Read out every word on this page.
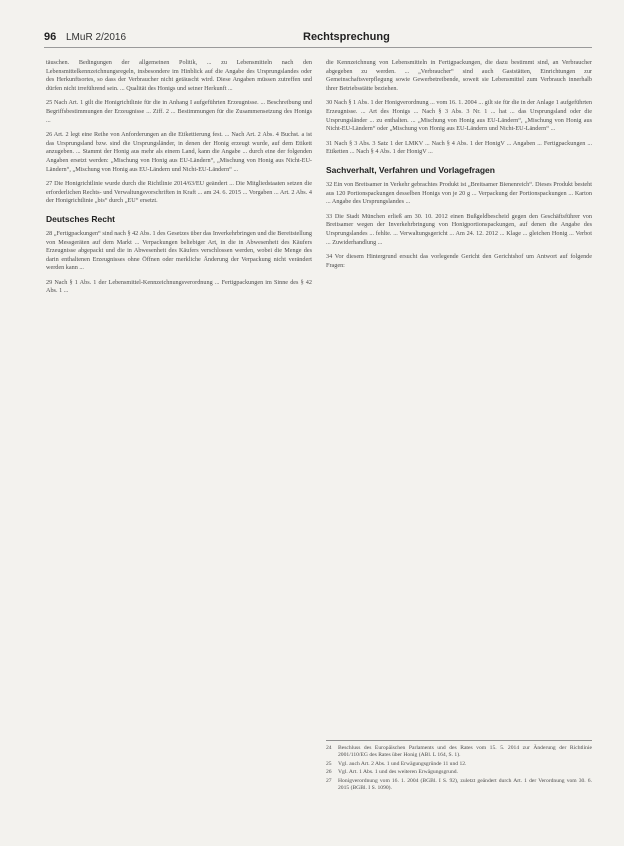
96 LMuR 2/2016	Rechtsprechung

täuschen. Bedingungen der allgemeinen Politik, ... zu Lebensmitteln nach den Lebensmittelkennzeichnungsregeln, insbesondere im Hinblick auf die Angabe des Ursprungslandes oder des Herkunftsortes, so dass der Verbraucher nicht getäuscht wird. Diese Angaben müssen zutreffen und dürfen nicht irreführend sein. ... Qualität des Honigs und seiner Herkunft ...

25 Nach Art. 1 gilt die Honigrichtlinie für die in Anhang I aufgeführten Erzeugnisse. ... Beschreibung und Begriffsbestimmungen der Erzeugnisse ... Ziff. 2 ... Bestimmungen für die Zusammensetzung des Honigs ...

26 Art. 2 legt eine Reihe von Anforderungen an die Etikettierung fest. ... Nach Art. 2 Abs. 4 Buchst. a ist das Ursprungsland bzw. sind die Ursprungsländer, in denen der Honig erzeugt wurde, auf dem Etikett anzugeben. ... Stammt der Honig aus mehr als einem Land, kann die Angabe ... durch eine der folgenden Angaben ersetzt werden: „Mischung von Honig aus EU-Ländern“, „Mischung von Honig aus Nicht-EU-Ländern“, „Mischung von Honig aus EU-Ländern und Nicht-EU-Ländern“ ...

27 Die Honigrichtlinie wurde durch die Richtlinie 2014/63/EU geändert ... Die Mitgliedstaaten setzen die erforderlichen Rechts- und Verwaltungsvorschriften in Kraft ... am 24. 6. 2015 ... Vorgaben ... Art. 2 Abs. 4 der Honigrichtlinie „bis“ durch „EU“ ersetzt.

Deutsches Recht

28 „Fertigpackungen“ sind nach § 42 Abs. 1 des Gesetzes über das Inverkehrbringen und die Bereitstellung von Messgeräten auf dem Markt ... Verpackungen beliebiger Art, in die in Abwesenheit des Käufers Erzeugnisse abgepackt und die in Abwesenheit des Käufers verschlossen werden, wobei die Menge des darin enthaltenen Erzeugnisses ohne Öffnen oder merkliche Änderung der Verpackung nicht verändert werden kann ...

29 Nach § 1 Abs. 1 der Lebensmittel-Kennzeichnungsverordnung ... Fertigpackungen im Sinne des § 42 Abs. 1 ...

die Kennzeichnung von Lebensmitteln in Fertigpackungen, die dazu bestimmt sind, an Verbraucher abgegeben zu werden. ... „Verbraucher“ sind auch Gaststätten, Einrichtungen zur Gemeinschaftsverpflegung sowie Gewerbetreibende, soweit sie Lebensmittel zum Verbrauch innerhalb ihrer Betriebsstätte beziehen.

30 Nach § 1 Abs. 1 der Honigverordnung ... vom 16. 1. 2004 ... gilt sie für die in der Anlage 1 aufgeführten Erzeugnisse. ... Art des Honigs ... Nach § 3 Abs. 3 Nr. 1 ... hat ... das Ursprungsland oder die Ursprungsländer ... zu enthalten. ... „Mischung von Honig aus EU-Ländern“, „Mischung von Honig aus Nicht-EU-Ländern“ oder „Mischung von Honig aus EU-Ländern und Nicht-EU-Ländern“ ...

31 Nach § 3 Abs. 3 Satz 1 der LMKV ... Nach § 4 Abs. 1 der HonigV ... Angaben ... Fertigpackungen ... Etiketten ... Nach § 4 Abs. 1 der HonigV ...

Sachverhalt, Verfahren und Vorlagefragen

32 Ein von Breitsamer in Verkehr gebrachtes Produkt ist „Breitsamer Bienenreich“. Dieses Produkt besteht aus 120 Portionspackungen desselben Honigs von je 20 g ... Verpackung der Portionspackungen ... Karton ... Angabe des Ursprungslandes ...

33 Die Stadt München erließ am 30. 10. 2012 einen Bußgeldbescheid gegen den Geschäftsführer von Breitsamer wegen der Inverkehrbringung von Honigportionspackungen, auf denen die Angabe des Ursprungslandes ... fehlte. ... Verwaltungsgericht ... Am 24. 12. 2012 ... Klage ... gleichen Honig ... Verbot ... Zuwiderhandlung ...

34 Vor diesem Hintergrund ersucht das vorlegende Gericht den Gerichtshof um Antwort auf folgende Fragen:

24	Beschluss des Europäischen Parlaments und des Rates vom 15. 5. 2014 zur Änderung der Richtlinie 2001/110/EG des Rates über Honig (ABl. L 164, S. 1).
25	Vgl. auch Art. 2 Abs. 1 und Erwägungsgründe 11 und 12.
26	Vgl. Art. 1 Abs. 1 und des weiteren Erwägungsgrund.
27	Honigverordnung vom 16. 1. 2004 (BGBl. I S. 92), zuletzt geändert durch Art. 1 der Verordnung vom 30. 6. 2015 (BGBl. I S. 1090).
